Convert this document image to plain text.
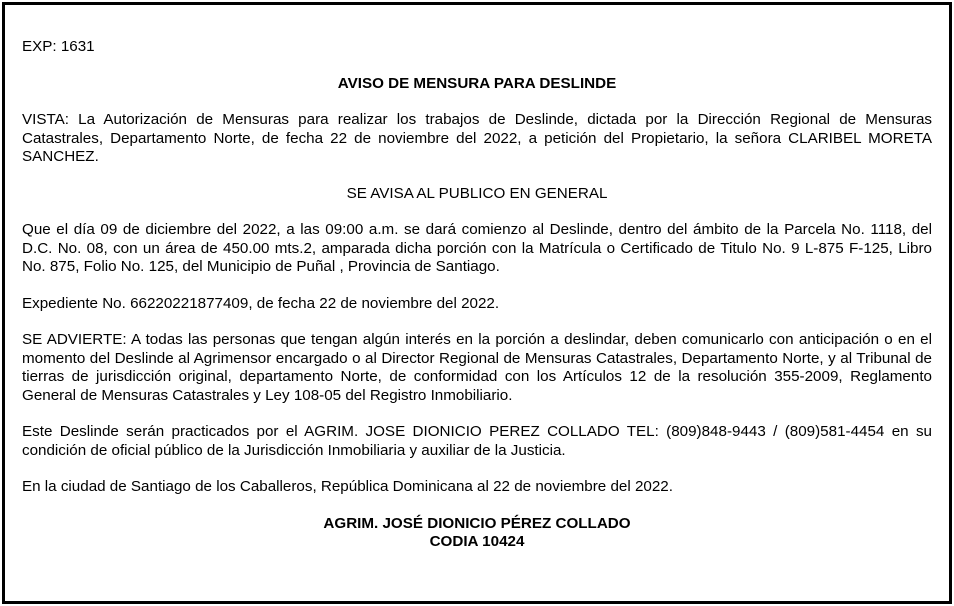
EXP: 1631

AVISO DE MENSURA PARA DESLINDE

VISTA: La Autorización de Mensuras para realizar los trabajos de Deslinde, dictada por la Dirección Regional de Mensuras Catastrales, Departamento Norte, de fecha 22 de noviembre del 2022, a petición del Propietario, la señora CLARIBEL MORETA SANCHEZ.

SE AVISA AL PUBLICO EN GENERAL

Que el día 09 de diciembre del 2022, a las 09:00 a.m. se dará comienzo al Deslinde, dentro del ámbito de la Parcela No. 1118, del D.C. No. 08, con un área de 450.00 mts.2, amparada dicha porción con la Matrícula o Certificado de Titulo No. 9 L-875 F-125, Libro No. 875, Folio No. 125, del Municipio de Puñal , Provincia de Santiago.

Expediente No. 66220221877409, de fecha 22 de noviembre del 2022.

SE ADVIERTE: A todas las personas que tengan algún interés en la porción a deslindar, deben comunicarlo con anticipación o en el momento del Deslinde al Agrimensor encargado o al Director Regional de Mensuras Catastrales, Departamento Norte, y al Tribunal de tierras de jurisdicción original, departamento Norte, de conformidad con los Artículos 12 de la resolución 355-2009, Reglamento General de Mensuras Catastrales y Ley 108-05 del Registro Inmobiliario.

Este Deslinde serán practicados por el AGRIM. JOSE DIONICIO PEREZ COLLADO TEL: (809)848-9443 / (809)581-4454 en su condición de oficial público de la Jurisdicción Inmobiliaria y auxiliar de la Justicia.

En la ciudad de Santiago de los Caballeros, República Dominicana al 22 de noviembre del 2022.

AGRIM. JOSÉ DIONICIO PÉREZ COLLADO

CODIA 10424
